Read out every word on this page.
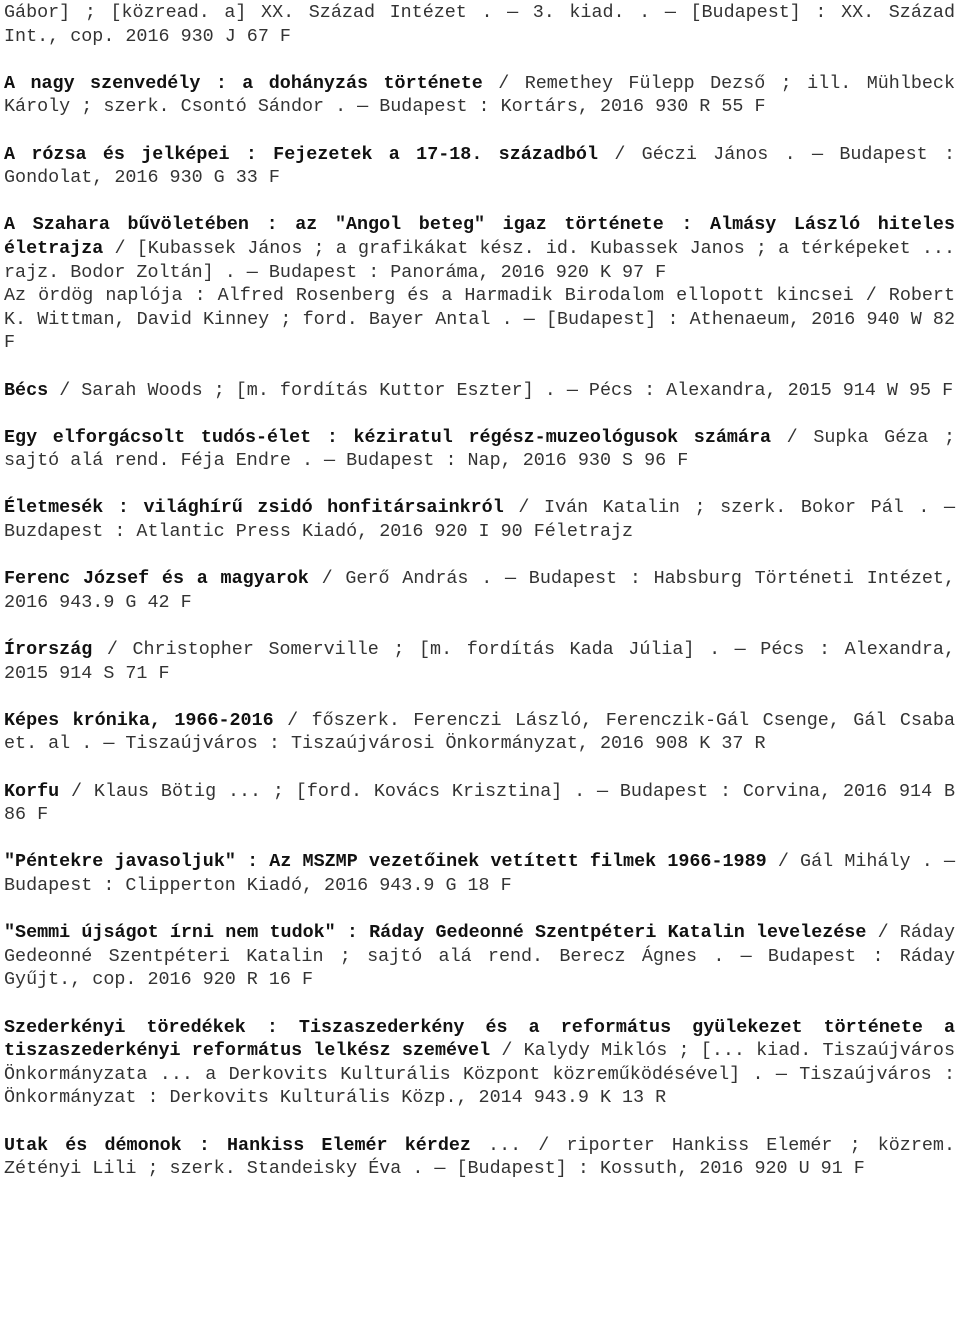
Gábor] ; [közread. a] XX. Század Intézet . — 3. kiad. . — [Budapest] : XX. Század Int., cop. 2016 930 J 67 F

A nagy szenvedély : a dohányzás története / Remethey Fülepp Dezső ; ill. Mühlbeck Károly ; szerk. Csontó Sándor . — Budapest : Kortárs, 2016 930 R 55 F

A rózsa és jelképei : Fejezetek a 17-18. századból / Géczi János . — Budapest : Gondolat, 2016 930 G 33 F

A Szahara bűvöletében : az "Angol beteg" igaz története : Almásy László hiteles életrajza / [Kubassek János ; a grafikákat kész. id. Kubassek Janos ; a térképeket ... rajz. Bodor Zoltán] . — Budapest : Panoráma, 2016 920 K 97 F

Az ördög naplója : Alfred Rosenberg és a Harmadik Birodalom ellopott kincsei / Robert K. Wittman, David Kinney ; ford. Bayer Antal . — [Budapest] : Athenaeum, 2016 940 W 82 F

Bécs / Sarah Woods ; [m. fordítás Kuttor Eszter] . — Pécs : Alexandra, 2015 914 W 95 F

Egy elforgácsolt tudós-élet : kéziratul régész-muzeológusok számára / Supka Géza ; sajtó alá rend. Féja Endre . — Budapest : Nap, 2016 930 S 96 F

Életmesék : világhírű zsidó honfitársainkról / Iván Katalin ; szerk. Bokor Pál . — Buzdapest : Atlantic Press Kiadó, 2016 920 I 90 Féletrajz

Ferenc József és a magyarok / Gerő András . — Budapest : Habsburg Történeti Intézet, 2016 943.9 G 42 F

Írország / Christopher Somerville ; [m. fordítás Kada Júlia] . — Pécs : Alexandra, 2015 914 S 71 F

Képes krónika, 1966-2016 / főszerk. Ferenczi László, Ferenczik-Gál Csenge, Gál Csaba et. al . — Tiszaújváros : Tiszaújvárosi Önkormányzat, 2016 908 K 37 R

Korfu / Klaus Bötig ... ; [ford. Kovács Krisztina] . — Budapest : Corvina, 2016 914 B 86 F

"Péntekre javasoljuk" : Az MSZMP vezetőinek vetített filmek 1966-1989 / Gál Mihály . — Budapest : Clipperton Kiadó, 2016 943.9 G 18 F

"Semmi újságot írni nem tudok" : Ráday Gedeonné Szentpéteri Katalin levelezése / Ráday Gedeonné Szentpéteri Katalin ; sajtó alá rend. Berecz Ágnes . — Budapest : Ráday Gyűjt., cop. 2016 920 R 16 F

Szederkényi töredékek : Tiszaszederkény és a református gyülekezet története a tiszaszederkényi református lelkész szemével / Kalydy Miklós ; [... kiad. Tiszaújváros Önkormányzata ... a Derkovits Kulturális Központ közreműködésével] . — Tiszaújváros : Önkormányzat : Derkovits Kulturális Közp., 2014 943.9 K 13 R

Utak és démonok : Hankiss Elemér kérdez ... / riporter Hankiss Elemér ; közrem. Zétényi Lili ; szerk. Standeisky Éva . — [Budapest] : Kossuth, 2016 920 U 91 F
